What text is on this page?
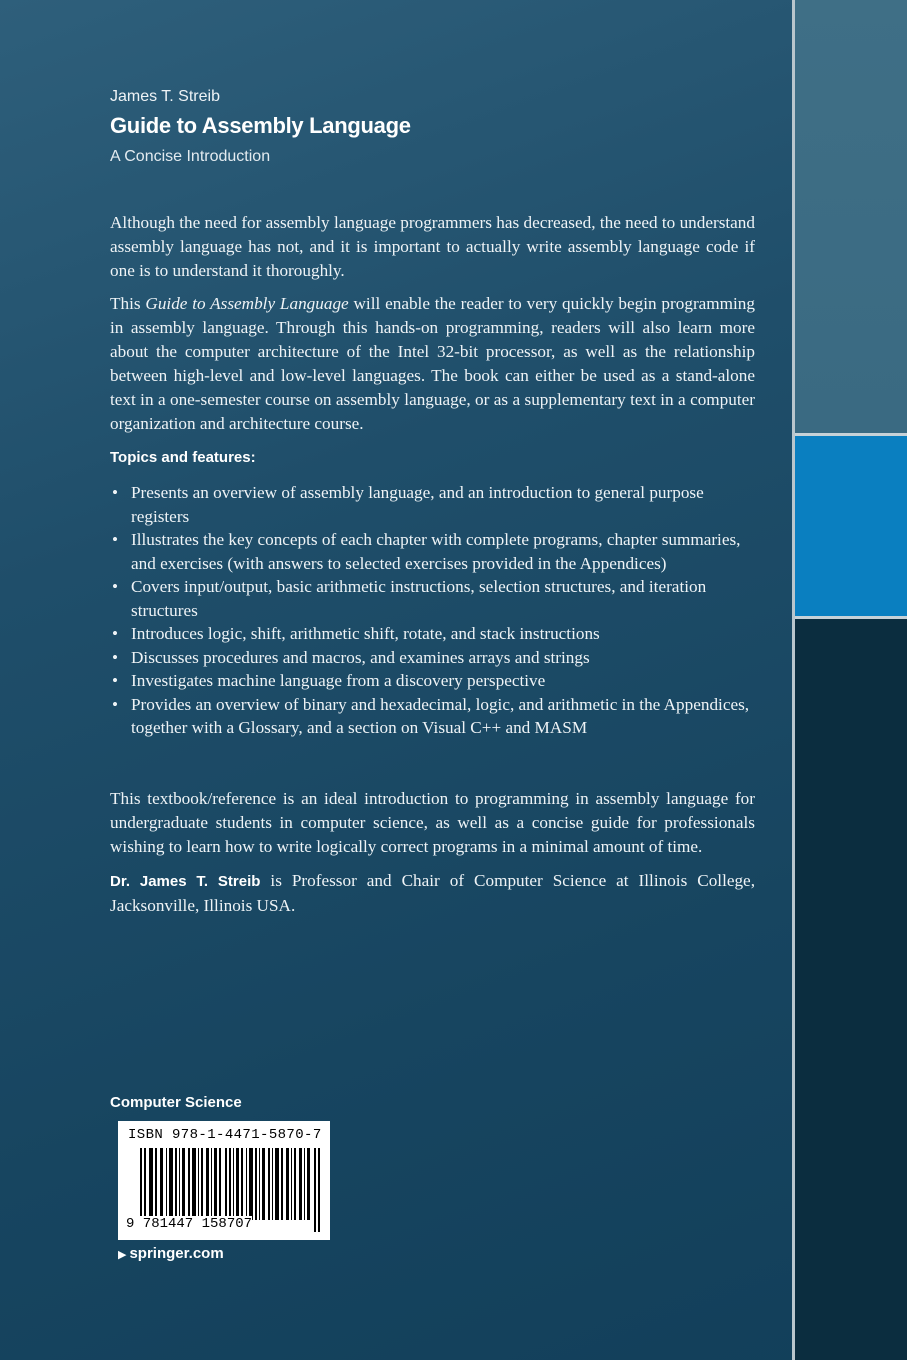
James T. Streib
Guide to Assembly Language
A Concise Introduction
Although the need for assembly language programmers has decreased, the need to understand assembly language has not, and it is important to actually write assembly language code if one is to understand it thoroughly.
This Guide to Assembly Language will enable the reader to very quickly begin programming in assembly language. Through this hands-on programming, readers will also learn more about the computer architecture of the Intel 32-bit processor, as well as the relationship between high-level and low-level languages. The book can either be used as a stand-alone text in a one-semester course on assembly language, or as a supplementary text in a computer organization and architecture course.
Topics and features:
• Presents an overview of assembly language, and an introduction to general purpose registers
• Illustrates the key concepts of each chapter with complete programs, chapter summaries, and exercises (with answers to selected exercises provided in the Appendices)
• Covers input/output, basic arithmetic instructions, selection structures, and iteration structures
• Introduces logic, shift, arithmetic shift, rotate, and stack instructions
• Discusses procedures and macros, and examines arrays and strings
• Investigates machine language from a discovery perspective
• Provides an overview of binary and hexadecimal, logic, and arithmetic in the Appendices, together with a Glossary, and a section on Visual C++ and MASM
This textbook/reference is an ideal introduction to programming in assembly language for undergraduate students in computer science, as well as a concise guide for professionals wishing to learn how to write logically correct programs in a minimal amount of time.
Dr. James T. Streib is Professor and Chair of Computer Science at Illinois College, Jacksonville, Illinois USA.
Computer Science
ISBN 978-1-4471-5870-7
9 781447 158707
▶ springer.com
